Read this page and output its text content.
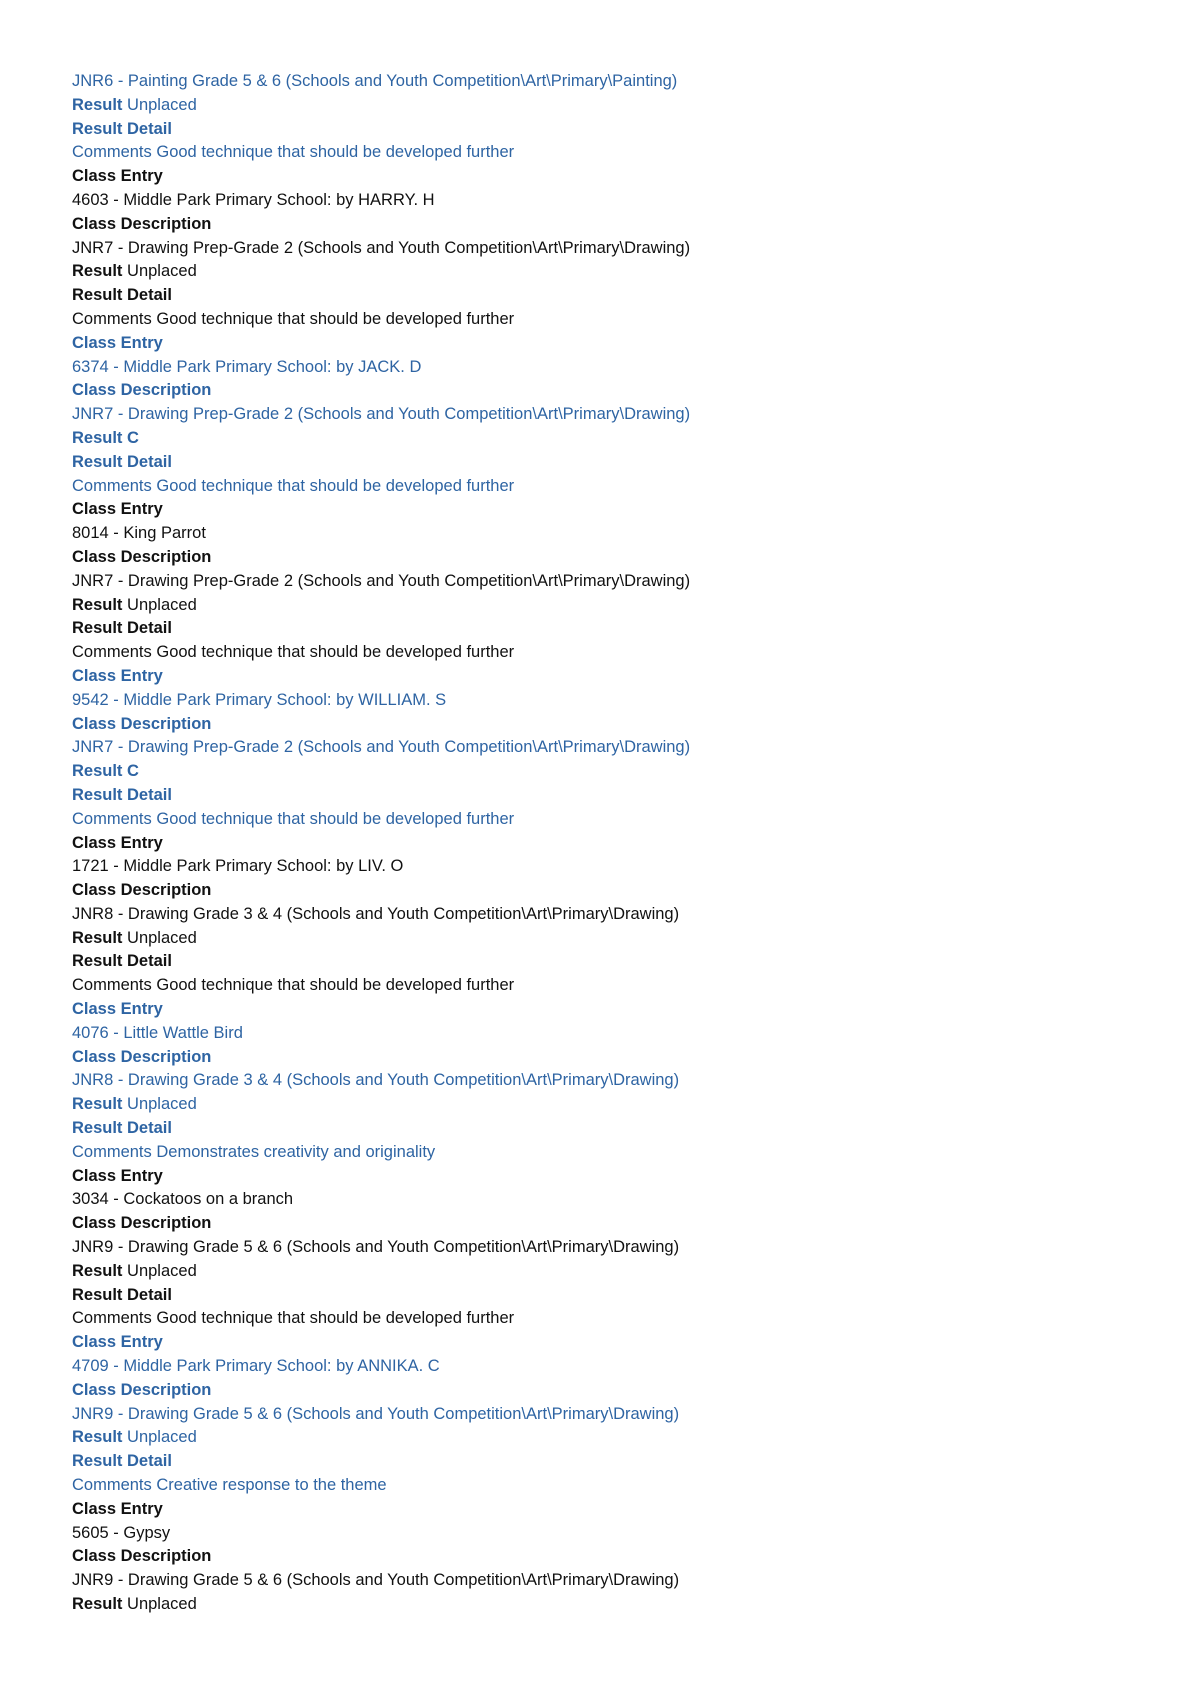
JNR6 - Painting Grade 5 & 6 (Schools and Youth Competition\Art\Primary\Painting)
Result Unplaced
Result Detail
Comments Good technique that should be developed further
Class Entry
4603 - Middle Park Primary School: by HARRY. H
Class Description
JNR7 - Drawing Prep-Grade 2 (Schools and Youth Competition\Art\Primary\Drawing)
Result Unplaced
Result Detail
Comments Good technique that should be developed further
Class Entry
6374 - Middle Park Primary School: by JACK. D
Class Description
JNR7 - Drawing Prep-Grade 2 (Schools and Youth Competition\Art\Primary\Drawing)
Result C
Result Detail
Comments Good technique that should be developed further
Class Entry
8014 - King Parrot
Class Description
JNR7 - Drawing Prep-Grade 2 (Schools and Youth Competition\Art\Primary\Drawing)
Result Unplaced
Result Detail
Comments Good technique that should be developed further
Class Entry
9542 - Middle Park Primary School: by WILLIAM. S
Class Description
JNR7 - Drawing Prep-Grade 2 (Schools and Youth Competition\Art\Primary\Drawing)
Result C
Result Detail
Comments Good technique that should be developed further
Class Entry
1721 - Middle Park Primary School: by LIV. O
Class Description
JNR8 - Drawing Grade 3 & 4 (Schools and Youth Competition\Art\Primary\Drawing)
Result Unplaced
Result Detail
Comments Good technique that should be developed further
Class Entry
4076 - Little Wattle Bird
Class Description
JNR8 - Drawing Grade 3 & 4 (Schools and Youth Competition\Art\Primary\Drawing)
Result Unplaced
Result Detail
Comments Demonstrates creativity and originality
Class Entry
3034 - Cockatoos on a branch
Class Description
JNR9 - Drawing Grade 5 & 6 (Schools and Youth Competition\Art\Primary\Drawing)
Result Unplaced
Result Detail
Comments Good technique that should be developed further
Class Entry
4709 - Middle Park Primary School: by ANNIKA. C
Class Description
JNR9 - Drawing Grade 5 & 6 (Schools and Youth Competition\Art\Primary\Drawing)
Result Unplaced
Result Detail
Comments Creative response to the theme
Class Entry
5605 - Gypsy
Class Description
JNR9 - Drawing Grade 5 & 6 (Schools and Youth Competition\Art\Primary\Drawing)
Result Unplaced
